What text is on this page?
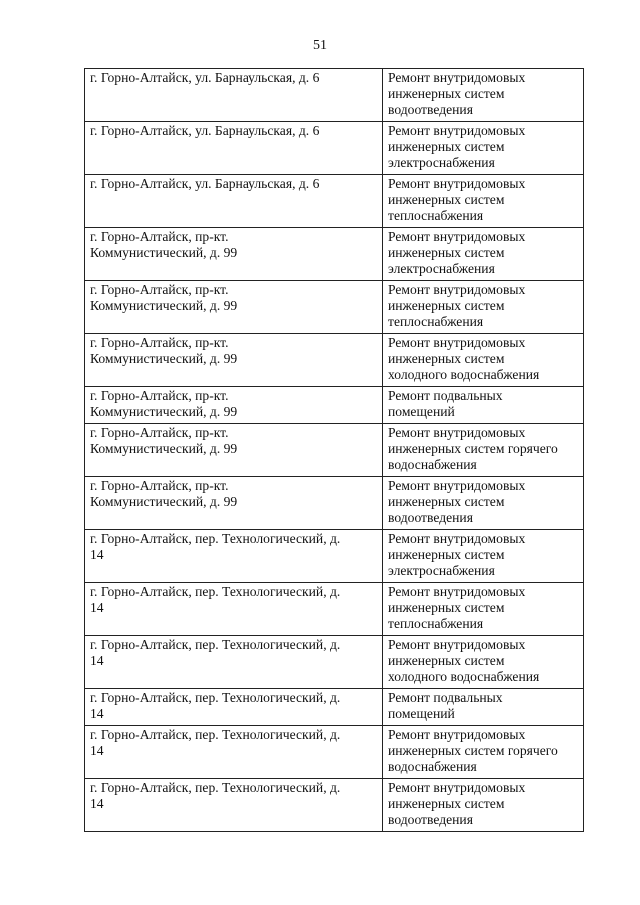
51
г. Горно-Алтайск, ул. Барнаульская, д. 6	Ремонт внутридомовых
инженерных систем
водоотведения
г. Горно-Алтайск, ул. Барнаульская, д. 6	Ремонт внутридомовых
инженерных систем
электроснабжения
г. Горно-Алтайск, ул. Барнаульская, д. 6	Ремонт внутридомовых
инженерных систем
теплоснабжения
г. Горно-Алтайск, пр-кт.
Коммунистический, д. 99	Ремонт внутридомовых
инженерных систем
электроснабжения
г. Горно-Алтайск, пр-кт.
Коммунистический, д. 99	Ремонт внутридомовых
инженерных систем
теплоснабжения
г. Горно-Алтайск, пр-кт.
Коммунистический, д. 99	Ремонт внутридомовых
инженерных систем
холодного водоснабжения
г. Горно-Алтайск, пр-кт.
Коммунистический, д. 99	Ремонт подвальных
помещений
г. Горно-Алтайск, пр-кт.
Коммунистический, д. 99	Ремонт внутридомовых
инженерных систем горячего
водоснабжения
г. Горно-Алтайск, пр-кт.
Коммунистический, д. 99	Ремонт внутридомовых
инженерных систем
водоотведения
г. Горно-Алтайск, пер. Технологический, д.
14	Ремонт внутридомовых
инженерных систем
электроснабжения
г. Горно-Алтайск, пер. Технологический, д.
14	Ремонт внутридомовых
инженерных систем
теплоснабжения
г. Горно-Алтайск, пер. Технологический, д.
14	Ремонт внутридомовых
инженерных систем
холодного водоснабжения
г. Горно-Алтайск, пер. Технологический, д.
14	Ремонт подвальных
помещений
г. Горно-Алтайск, пер. Технологический, д.
14	Ремонт внутридомовых
инженерных систем горячего
водоснабжения
г. Горно-Алтайск, пер. Технологический, д.
14	Ремонт внутридомовых
инженерных систем
водоотведения
